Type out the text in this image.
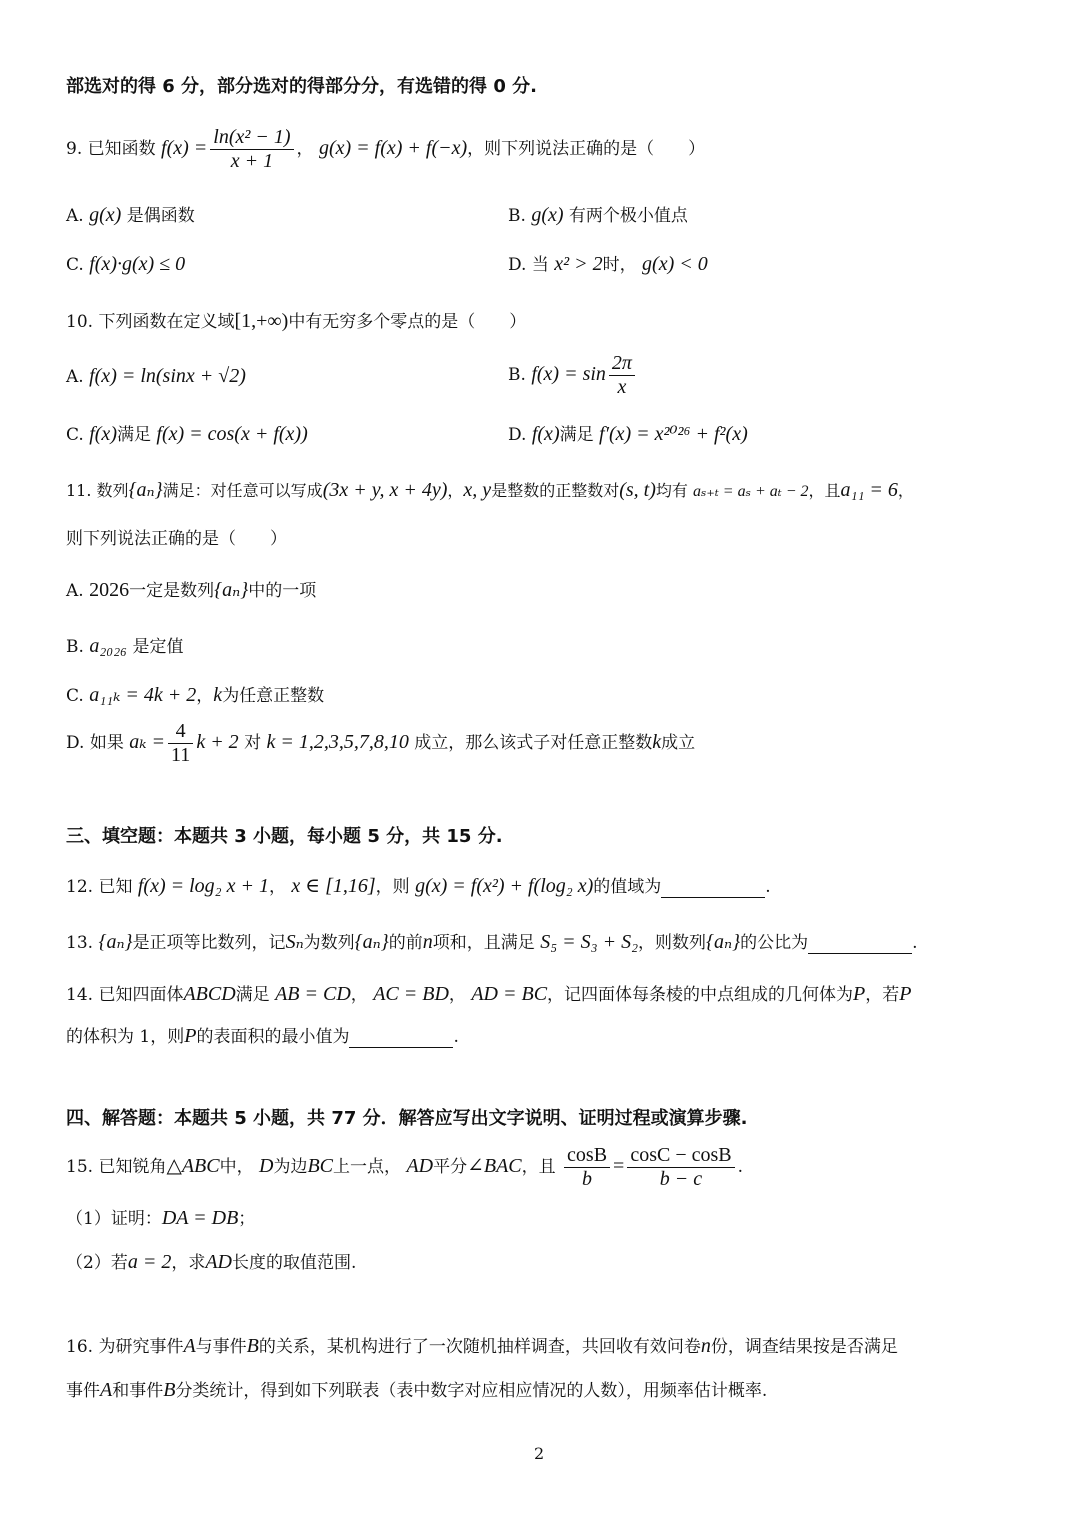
部选对的得 6 分，部分选对的得部分分，有选错的得 0 分.
9. 已知函数 $f(x) = \frac{\text{ln(x² − 1)}}{x + 1}$ ， g(x) = f(x) + f(−x)，则下列说法正确的是（　　）
A. g(x) 是偶函数	B. g(x) 有两个极小值点
C. f(x)·g(x) ≤ 0	D. 当 x² > 2时， g(x) < 0
10. 下列函数在定义域[1,+∞)中有无穷多个零点的是（　　）
A. f(x) = ln(sinx + √2)	B. $f(x) = \sin \frac{2\pi}{x}$
C. f(x)满足 f(x) = cos(x + f(x))	D. f(x)满足 f′(x) = x²⁰²⁶ + f²(x)
11. 数列{aₙ}满足：对任意可以写成(3x + y, x + 4y)，x, y是整数的正整数对(s, t)均有 aₛ₊ₜ = aₛ + aₜ − 2，且a₁₁ = 6，
则下列说法正确的是（　　）
A. 2026一定是数列{aₙ}中的一项
B. a₂₀₂₆ 是定值
C. a₁₁ₖ = 4k + 2，k为任意正整数
D. 如果 $a_k = \frac{4}{11}$ k + 2 对 k = 1,2,3,5,7,8,10 成立，那么该式子对任意正整数k成立
三、填空题：本题共 3 小题，每小题 5 分，共 15 分.
12. 已知 f(x) = log₂ x + 1， x ∈ [1,16]，则 g(x) = f(x²) + f(log₂ x)的值域为	.
13. {aₙ}是正项等比数列，记Sₙ为数列{aₙ}的前n项和，且满足 S₅ = S₃ + S₂，则数列{aₙ}的公比为	.
14. 已知四面体ABCD满足 AB = CD， AC = BD， AD = BC，记四面体每条棱的中点组成的几何体为P，若P
的体积为 1，则P的表面积的最小值为	.
四、解答题：本题共 5 小题，共 77 分．解答应写出文字说明、证明过程或演算步骤.
15. 已知锐角△ABC中， D为边BC上一点， AD平分∠BAC，且 $\frac{\cos B}{b} = \frac{\cos C - \cos B}{b - c}$ .
（1）证明：DA = DB；
（2）若a = 2，求AD长度的取值范围.
16. 为研究事件A与事件B的关系，某机构进行了一次随机抽样调查，共回收有效问卷n份，调查结果按是否满足
事件A和事件B分类统计，得到如下列联表（表中数字对应相应情况的人数），用频率估计概率.
2
